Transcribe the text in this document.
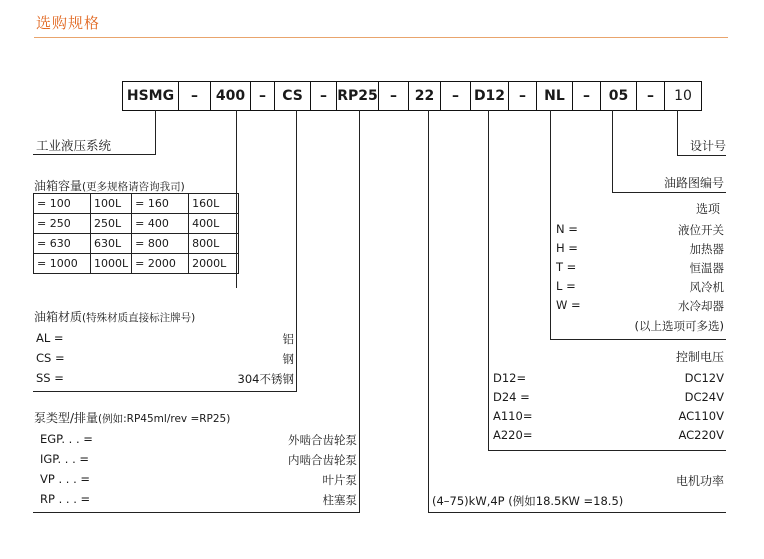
选购规格
HSMG	–	400 –	CS	– RP25 –	22	–	D12 –	NL	–	05	–	10
工业液压系统
油箱容量(更多规格请咨询我司)
= 100	100L	= 160	160L
= 250	250L	= 400	400L
= 630	630L	= 800	800L
= 1000	1000L	= 2000	2000L
油箱材质(特殊材质直接标注牌号)
AL =	铝
CS =	钢
SS =	304不锈钢
泵类型/排量(例如:RP45ml/rev =RP25)
EGP. . . =	外啮合齿轮泵
IGP. . . =	内啮合齿轮泵
VP . . . =	叶片泵
RP . . . =	柱塞泵
电机功率
(4–75)kW,4P (例如18.5KW =18.5)
控制电压
D12=	DC12V
D24 =	DC24V
A110=	AC110V
A220=	AC220V
选项
N =	液位开关
H =	加热器
T =	恒温器
L =	风冷机
W =	水冷却器
(以上选项可多选)
油路图编号
设计号
